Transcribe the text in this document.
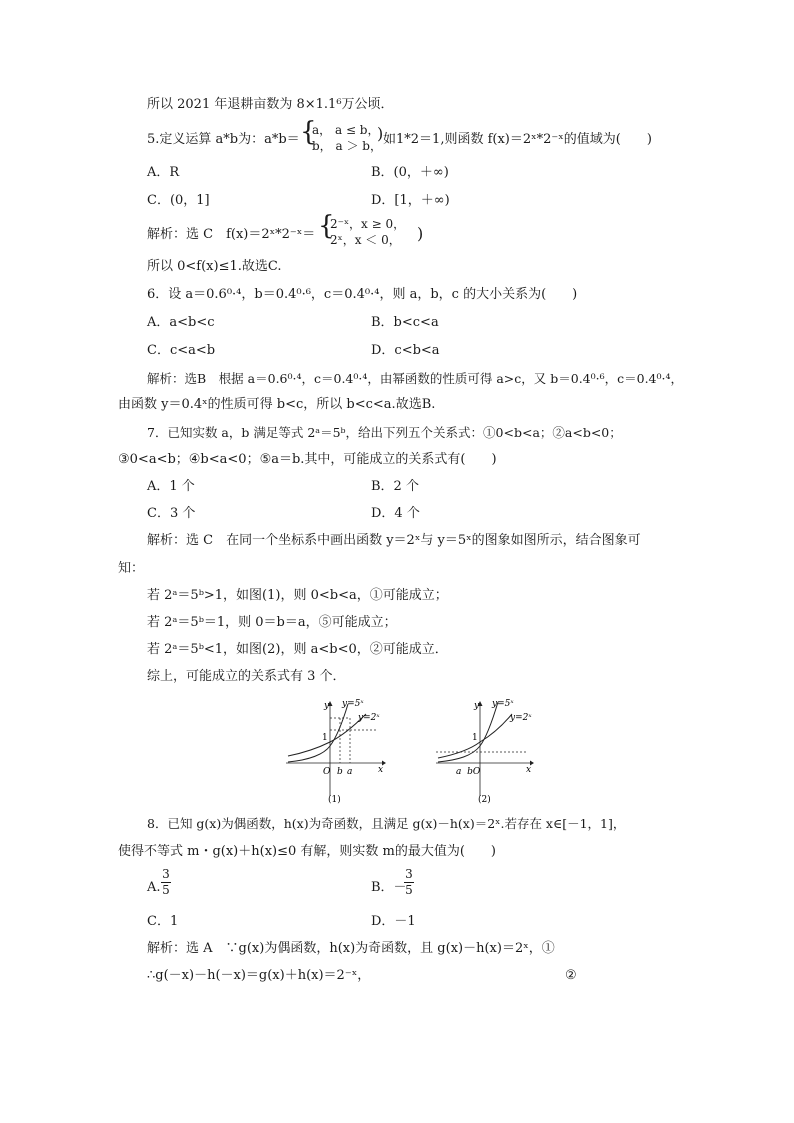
所以 2021 年退耕亩数为 8×1.1⁶万公顷．
5.定义运算 a*b为：a*b＝ {
a， a ≤ b，
b， a ＞ b，
) 如1*2＝1,则函数 f(x)＝2ˣ*2⁻ˣ的值域为(　　)
A．R	B．(0，＋∞)
C．(0，1]	D．[1，＋∞)
解析：选 C　f(x)＝2ˣ*2⁻ˣ＝ {
2⁻ˣ，x ≥ 0，
2ˣ，x ＜ 0， )
所以 0<f(x)≤1.故选C.
6．设 a＝0.6⁰·⁴，b＝0.4⁰·⁶，c＝0.4⁰·⁴，则 a，b，c 的大小关系为(　　)
A．a<b<c	B．b<c<a
C．c<a<b	D．c<b<a
解析：选B　根据 a＝0.6⁰·⁴，c＝0.4⁰·⁴，由幂函数的性质可得 a>c，又 b＝0.4⁰·⁶，c＝0.4⁰·⁴，
由函数 y＝0.4ˣ的性质可得 b<c，所以 b<c<a.故选B.
7．已知实数 a，b 满足等式 2ᵃ＝5ᵇ，给出下列五个关系式：①0<b<a；②a<b<0；
③0<a<b；④b<a<0；⑤a＝b.其中，可能成立的关系式有(　　)
A．1 个	B．2 个
C．3 个	D．4 个
解析：选 C　在同一个坐标系中画出函数 y＝2ˣ与 y＝5ˣ的图象如图所示，结合图象可
知：
若 2ᵃ＝5ᵇ>1，如图(1)，则 0<b<a，①可能成立；
若 2ᵃ＝5ᵇ＝1，则 0＝b＝a，⑤可能成立；
若 2ᵃ＝5ᵇ<1，如图(2)，则 a<b<0，②可能成立．
综上，可能成立的关系式有 3 个．
y
x
y=5ˣ
y=2ˣ
1
O b a
(1)
y
x
y=5ˣ
y=2ˣ
1
a  bO
(2)
8．已知 g(x)为偶函数，h(x)为奇函数，且满足 g(x)－h(x)＝2ˣ.若存在 x∈[－1，1]，
使得不等式 m・g(x)＋h(x)≤0 有解，则实数 m的最大值为(　　)
A.
3
5	B．－
3
5
C．1	D．－1
解析：选 A　∵g(x)为偶函数，h(x)为奇函数，且 g(x)－h(x)＝2ˣ，①
∴g(－x)－h(－x)＝g(x)＋h(x)＝2⁻ˣ，	②
